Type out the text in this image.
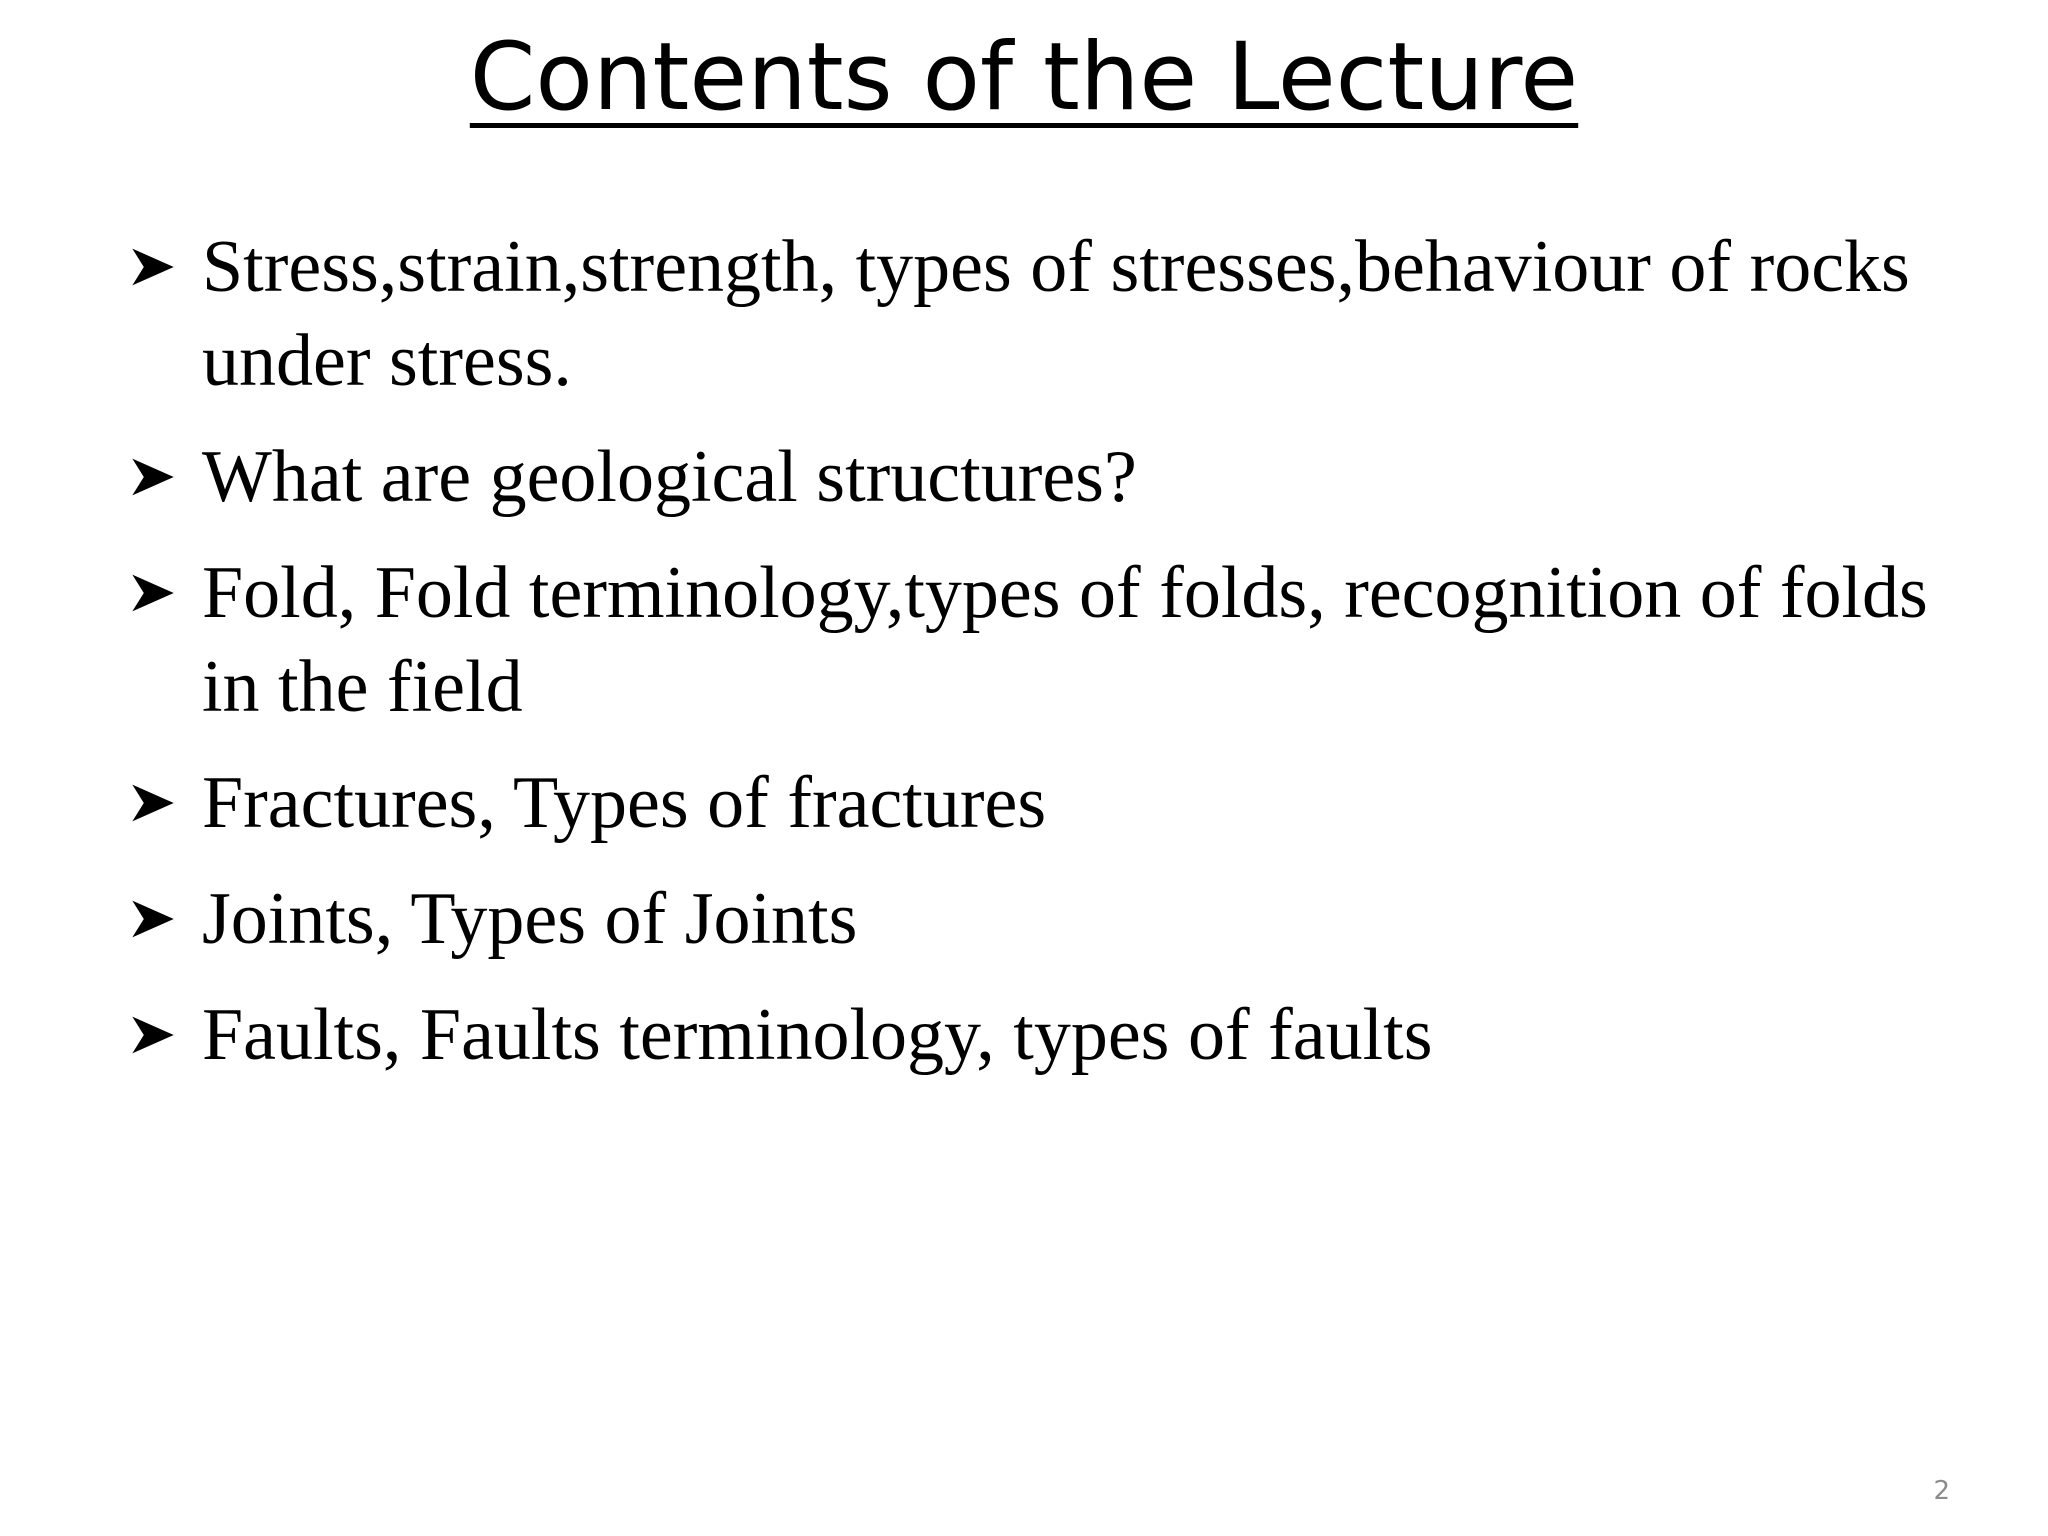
Contents of the Lecture
Stress,strain,strength, types of stresses,behaviour of rocks under stress.
What are geological structures?
Fold, Fold terminology,types of folds, recognition of folds in the field
Fractures, Types of fractures
Joints, Types of Joints
Faults, Faults terminology, types of faults
2
